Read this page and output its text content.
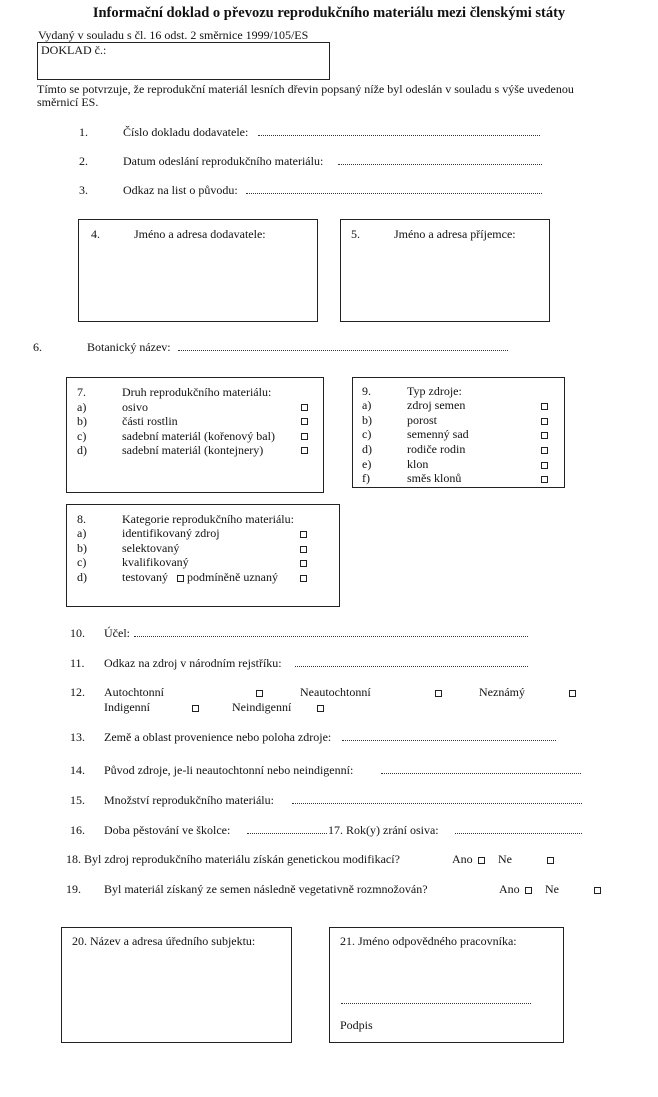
Informační doklad o převozu reprodukčního materiálu mezi členskými státy
Vydaný v souladu s čl. 16 odst. 2 směrnice 1999/105/ES
DOKLAD č.:
Tímto se potvrzuje, že reprodukční materiál lesních dřevin popsaný níže byl odeslán v souladu s výše uvedenou
směrnicí ES.
1.	Číslo dokladu dodavatele:
2.	Datum odeslání reprodukčního materiálu:
3.	Odkaz na list o původu:
4.	Jméno a adresa dodavatele:	5.	Jméno a adresa příjemce:
6.	Botanický název:
7.	Druh reprodukčního materiálu:
a)	osivo
b)	části rostlin
c)	sadební materiál (kořenový bal)
d)	sadební materiál (kontejnery)
9.	Typ zdroje:
a)	zdroj semen
b)	porost
c)	semenný sad
d)	rodiče rodin
e)	klon
f)	směs klonů
8.	Kategorie reprodukčního materiálu:
a)	identifikovaný zdroj
b)	selektovaný
c)	kvalifikovaný
d)	testovaný podmíněně uznaný
10. Účel:
11. Odkaz na zdroj v národním rejstříku:
12. Autochtonní	Neautochtonní	Neznámý
Indigenní	Neindigenní
13. Země a oblast provenience nebo poloha zdroje:
14. Původ zdroje, je-li neautochtonní nebo neindigenní:
15. Množství reprodukčního materiálu:
16. Doba pěstování ve školce:	17. Rok(y) zrání osiva:
18. Byl zdroj reprodukčního materiálu získán genetickou modifikací?	Ano Ne
19. Byl materiál získaný ze semen následně vegetativně rozmnožován?	Ano Ne
20. Název a adresa úředního subjektu:	21. Jméno odpovědného pracovníka:
Podpis
